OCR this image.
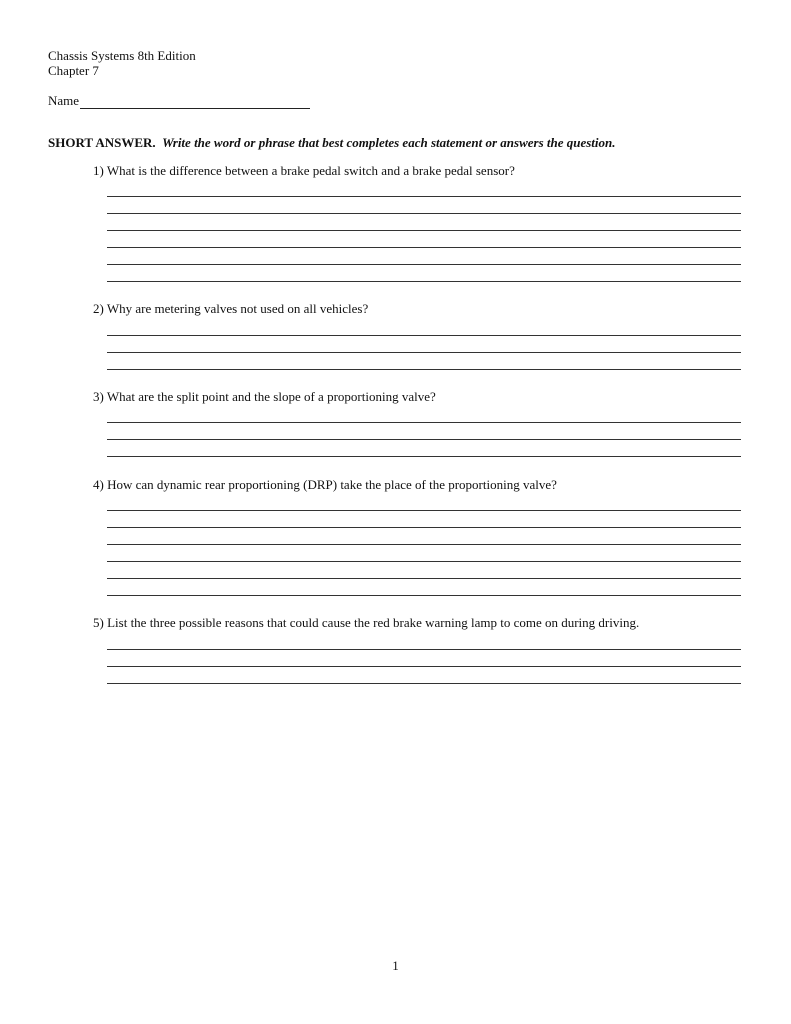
Chassis Systems 8th Edition
Chapter 7
Name
SHORT ANSWER. Write the word or phrase that best completes each statement or answers the question.
1) What is the difference between a brake pedal switch and a brake pedal sensor?
2) Why are metering valves not used on all vehicles?
3) What are the split point and the slope of a proportioning valve?
4) How can dynamic rear proportioning (DRP) take the place of the proportioning valve?
5) List the three possible reasons that could cause the red brake warning lamp to come on during driving.
1
